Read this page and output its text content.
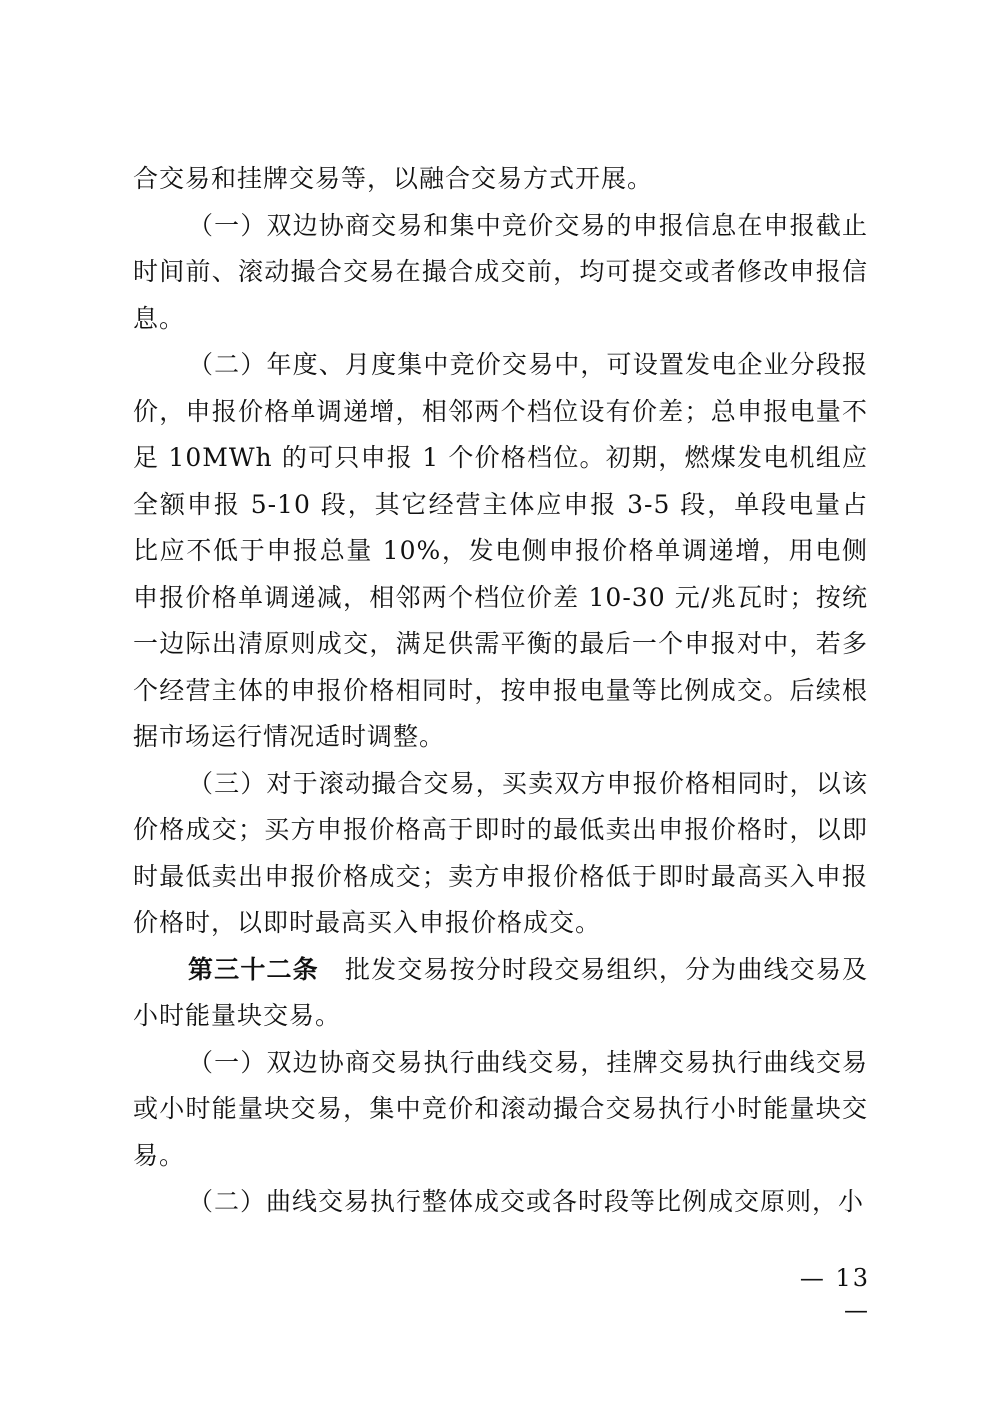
合交易和挂牌交易等，以融合交易方式开展。

（一）双边协商交易和集中竞价交易的申报信息在申报截止时间前、滚动撮合交易在撮合成交前，均可提交或者修改申报信息。

（二）年度、月度集中竞价交易中，可设置发电企业分段报价，申报价格单调递增，相邻两个档位设有价差；总申报电量不足 10MWh 的可只申报 1 个价格档位。初期，燃煤发电机组应全额申报 5-10 段，其它经营主体应申报 3-5 段，单段电量占比应不低于申报总量 10%，发电侧申报价格单调递增，用电侧申报价格单调递减，相邻两个档位价差 10-30 元/兆瓦时；按统一边际出清原则成交，满足供需平衡的最后一个申报对中，若多个经营主体的申报价格相同时，按申报电量等比例成交。后续根据市场运行情况适时调整。

（三）对于滚动撮合交易，买卖双方申报价格相同时，以该价格成交；买方申报价格高于即时的最低卖出申报价格时，以即时最低卖出申报价格成交；卖方申报价格低于即时最高买入申报价格时，以即时最高买入申报价格成交。

第三十二条　批发交易按分时段交易组织，分为曲线交易及小时能量块交易。

（一）双边协商交易执行曲线交易，挂牌交易执行曲线交易或小时能量块交易，集中竞价和滚动撮合交易执行小时能量块交易。

（二）曲线交易执行整体成交或各时段等比例成交原则，小

— 13 —
